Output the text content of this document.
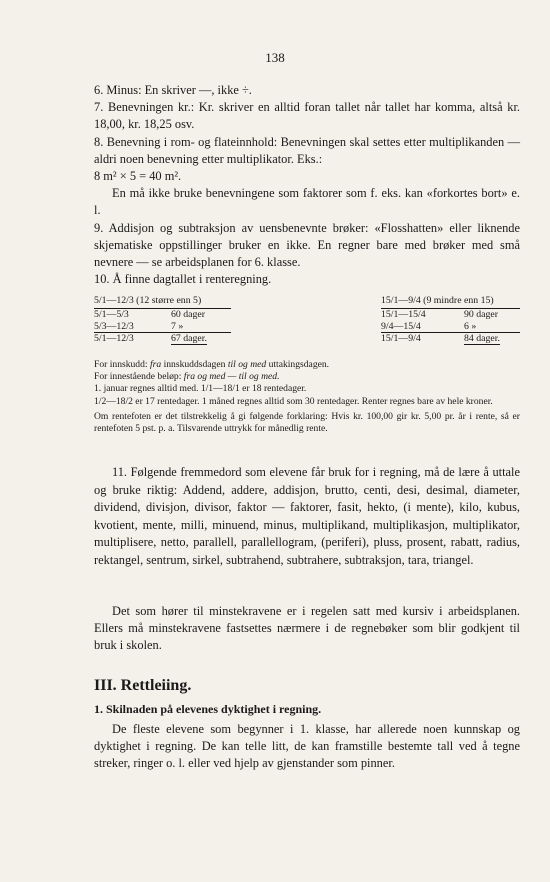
138

6. Minus: En skriver —, ikke ÷.

7. Benevningen kr.: Kr. skriver en alltid foran tallet når tallet har komma, altså kr. 18,00, kr. 18,25 osv.

8. Benevning i rom- og flateinnhold: Benevningen skal settes etter multiplikanden — aldri noen benevning etter multiplikator. Eks.:

8 m² × 5 = 40 m².

En må ikke bruke benevningene som faktorer som f. eks. kan «forkortes bort» e. l.

9. Addisjon og subtraksjon av uensbenevnte brøker: «Flosshatten» eller liknende skjematiske oppstillinger bruker en ikke. En regner bare med brøker med små nevnere — se arbeidsplanen for 6. klasse.

10. Å finne dagtallet i renteregning.

5/1—12/3 (12 større enn 5)
5/1—5/3	60 dager
5/3—12/3	7 »
5/1—12/3	67 dager.
15/1—9/4 (9 mindre enn 15)
15/1—15/4	90 dager
9/4—15/4	6 »
15/1—9/4	84 dager.

For innskudd: fra innskuddsdagen til og med uttakingsdagen.

For innestående beløp: fra og med — til og med.

1. januar regnes alltid med. 1/1—18/1 er 18 rentedager.

1/2—18/2 er 17 rentedager. 1 måned regnes alltid som 30 rentedager. Renter regnes bare av hele kroner.

Om rentefoten er det tilstrekkelig å gi følgende forklaring: Hvis kr. 100,00 gir kr. 5,00 pr. år i rente, så er rentefoten 5 pst. p. a. Tilsvarende uttrykk for månedlig rente.

11. Følgende fremmedord som elevene får bruk for i regning, må de lære å uttale og bruke riktig: Addend, addere, addisjon, brutto, centi, desi, desimal, diameter, dividend, divisjon, divisor, faktor — faktorer, fasit, hekto, (i mente), kilo, kubus, kvotient, mente, milli, minuend, minus, multiplikand, multiplikasjon, multiplikator, multiplisere, netto, parallell, parallellogram, (periferi), pluss, prosent, rabatt, radius, rektangel, sentrum, sirkel, subtrahend, subtrahere, subtraksjon, tara, triangel.

Det som hører til minstekravene er i regelen satt med kursiv i arbeidsplanen. Ellers må minstekravene fastsettes nærmere i de regnebøker som blir godkjent til bruk i skolen.

III. Rettleiing.
1. Skilnaden på elevenes dyktighet i regning.

De fleste elevene som begynner i 1. klasse, har allerede noen kunnskap og dyktighet i regning. De kan telle litt, de kan framstille bestemte tall ved å tegne streker, ringer o. l. eller ved hjelp av gjenstander som pinner.
